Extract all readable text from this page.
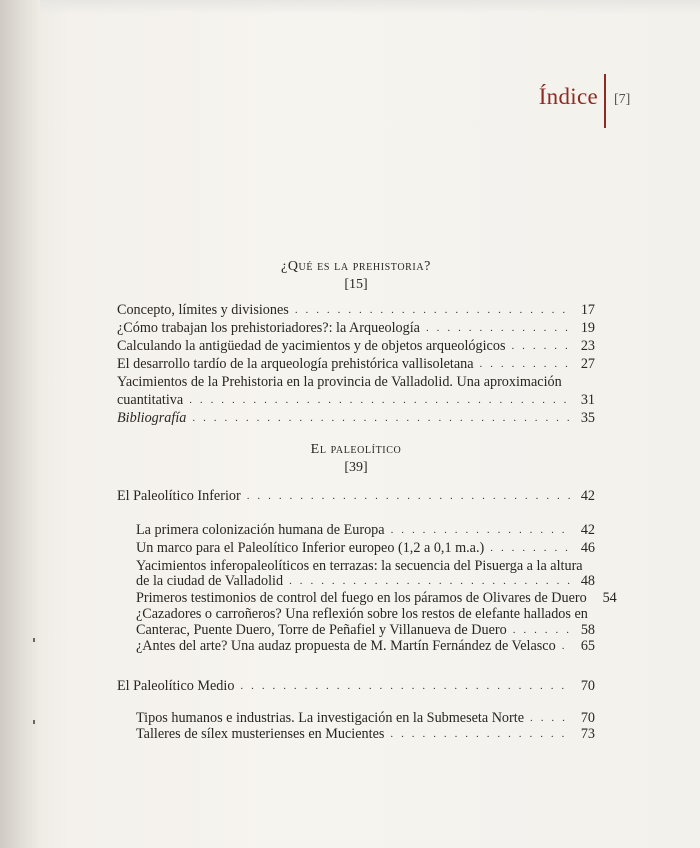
Índice [7]
¿Qué es la prehistoria?
[15]
Concepto, límites y divisiones . . .	17
¿Cómo trabajan los prehistoriadores?: la Arqueología . . .	19
Calculando la antigüedad de yacimientos y de objetos arqueológicos . . .	23
El desarrollo tardío de la arqueología prehistórica vallisoletana . . .	27
Yacimientos de la Prehistoria en la provincia de Valladolid. Una aproximación
cuantitativa . . .	31
Bibliografía . . .	35
El paleolítico
[39]
El Paleolítico Inferior . . .	42
La primera colonización humana de Europa . . .	42
Un marco para el Paleolítico Inferior europeo (1,2 a 0,1 m.a.) . . .	46
Yacimientos inferopaleolíticos en terrazas: la secuencia del Pisuerga a la altura
de la ciudad de Valladolid . . .	48
Primeros testimonios de control del fuego en los páramos de Olivares de Duero 54
¿Cazadores o carroñeros? Una reflexión sobre los restos de elefante hallados en
Canterac, Puente Duero, Torre de Peñafiel y Villanueva de Duero . . .	58
¿Antes del arte? Una audaz propuesta de M. Martín Fernández de Velasco . . . 65
El Paleolítico Medio . . .	70
Tipos humanos e industrias. La investigación en la Submeseta Norte . . .	70
Talleres de sílex musterienses en Mucientes . . .	73
